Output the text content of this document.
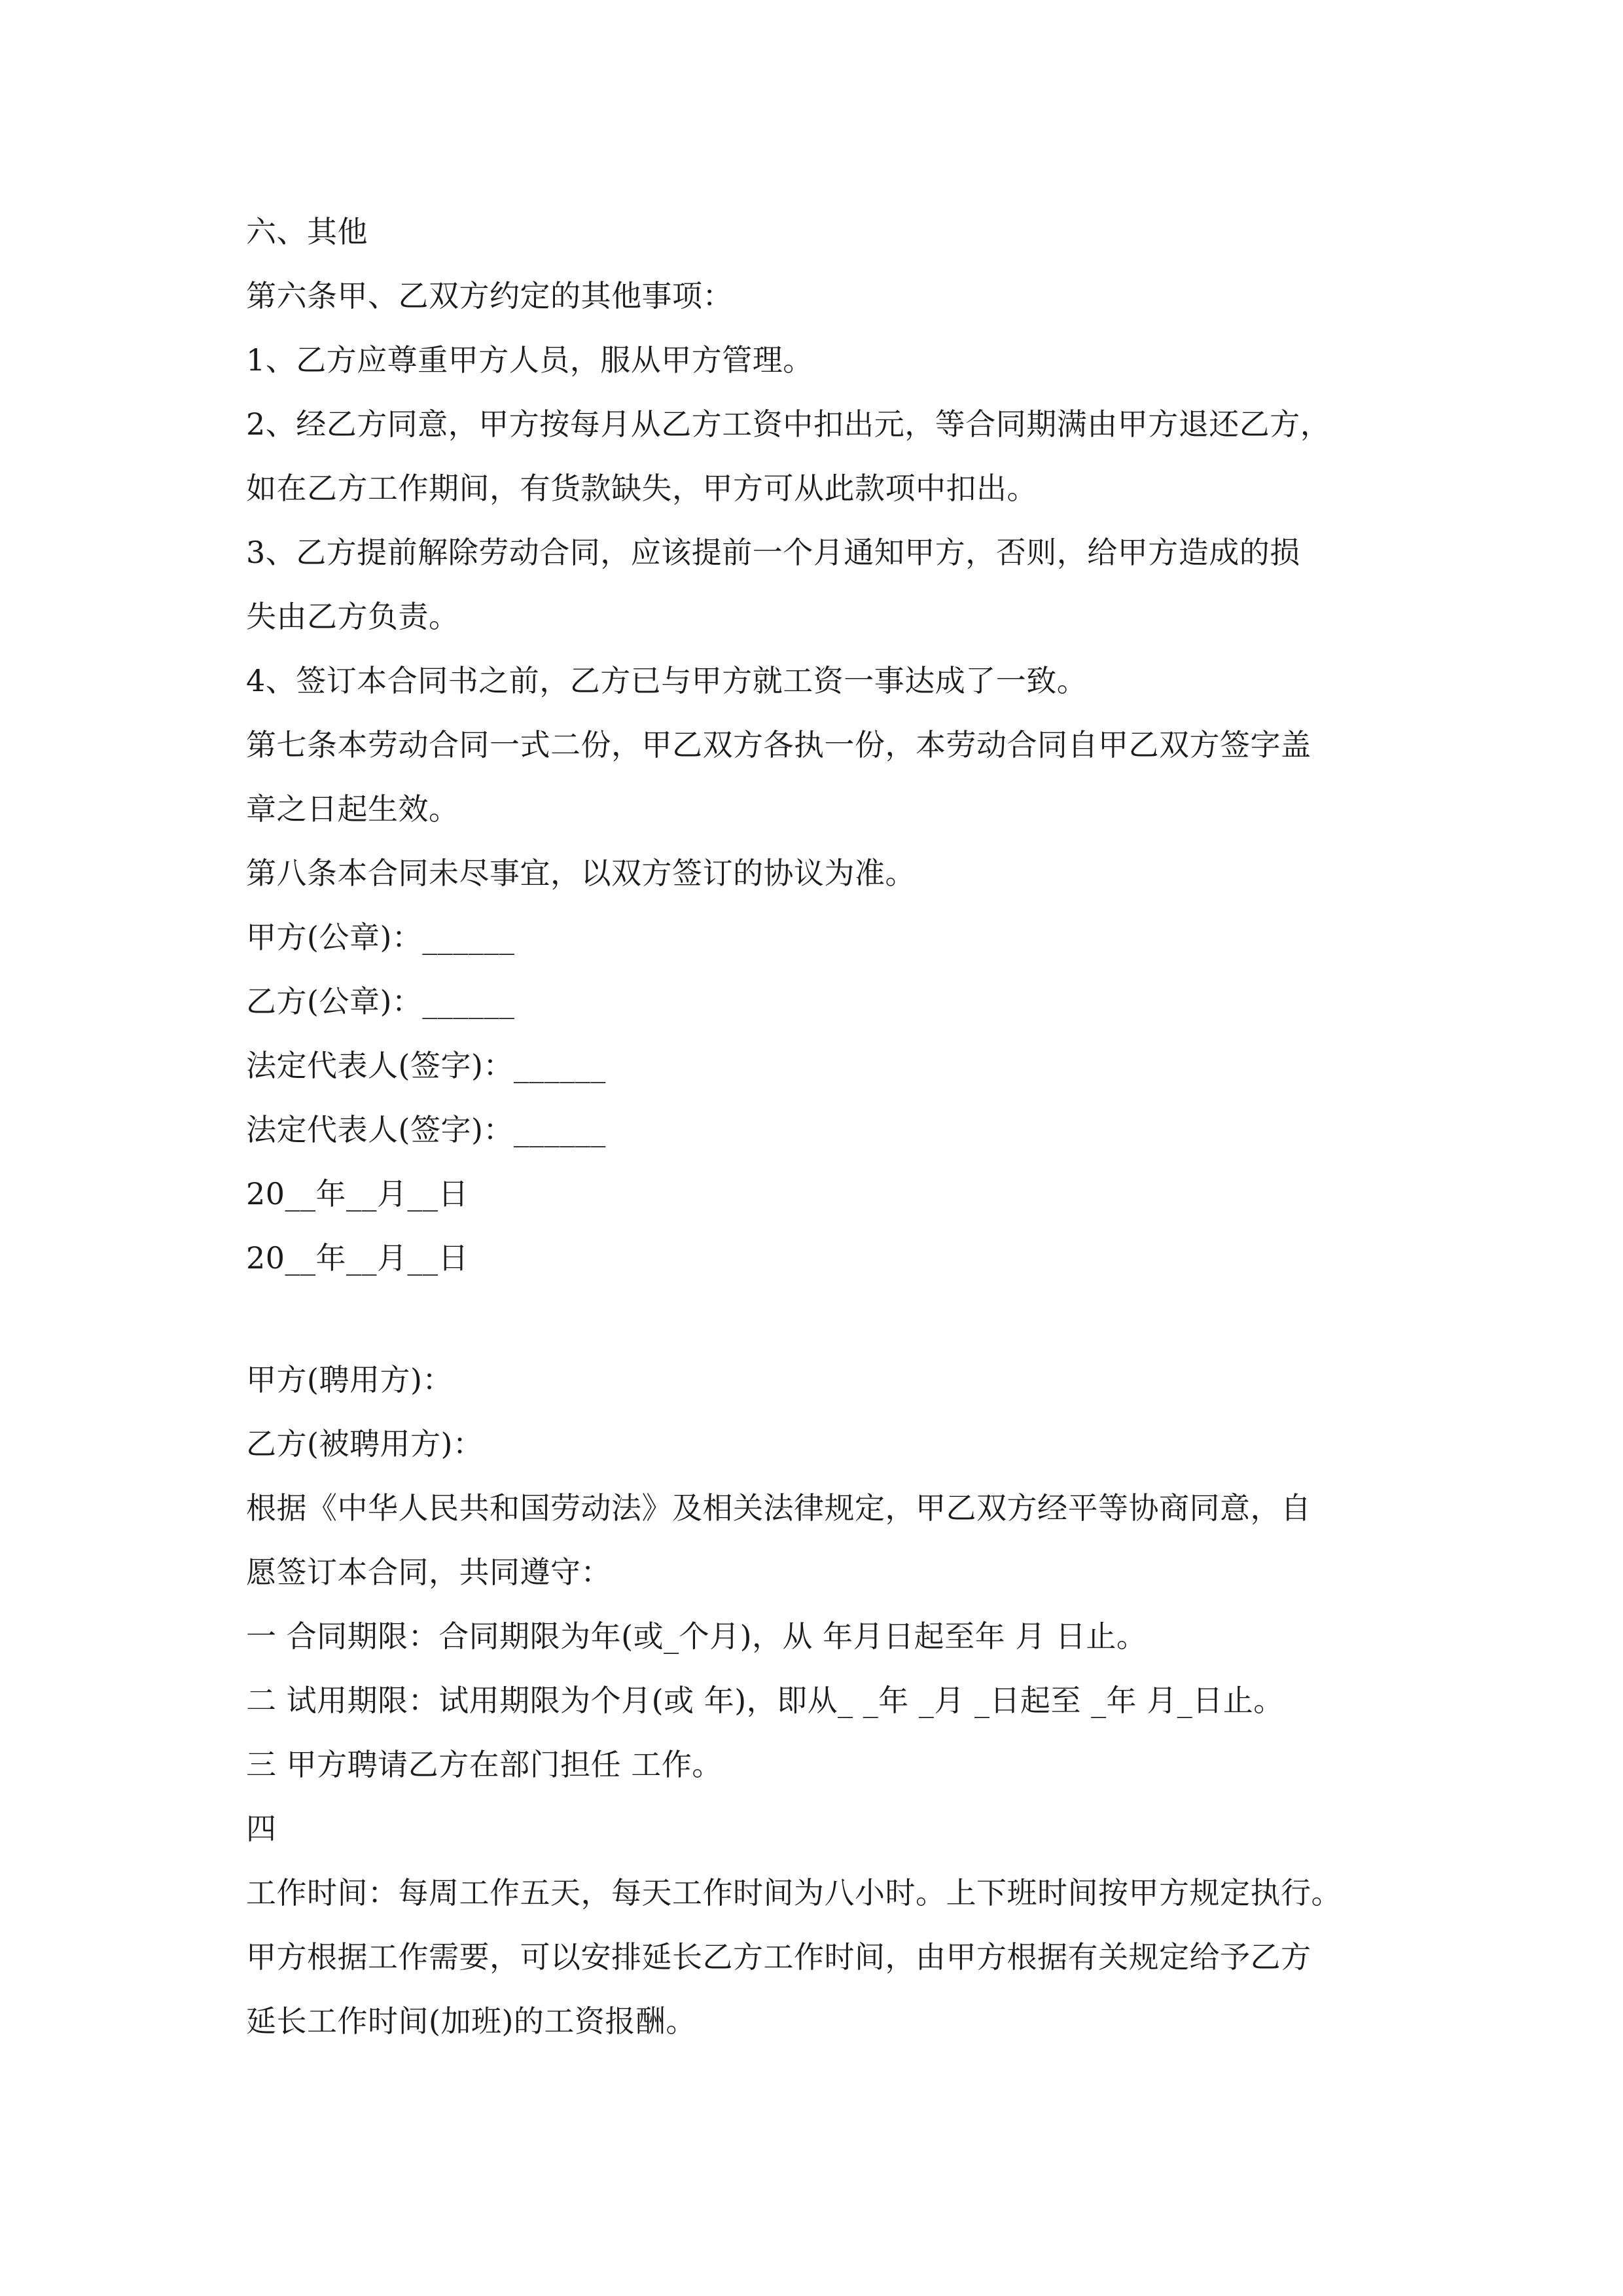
六、其他
第六条甲、乙双方约定的其他事项：
1、乙方应尊重甲方人员，服从甲方管理。
2、经乙方同意，甲方按每月从乙方工资中扣出元，等合同期满由甲方退还乙方，
如在乙方工作期间，有货款缺失，甲方可从此款项中扣出。
3、乙方提前解除劳动合同，应该提前一个月通知甲方，否则，给甲方造成的损
失由乙方负责。
4、签订本合同书之前，乙方已与甲方就工资一事达成了一致。
第七条本劳动合同一式二份，甲乙双方各执一份，本劳动合同自甲乙双方签字盖
章之日起生效。
第八条本合同未尽事宜，以双方签订的协议为准。
甲方(公章)：______
乙方(公章)：______
法定代表人(签字)：______
法定代表人(签字)：______
20__年__月__日
20__年__月__日
甲方(聘用方)：
乙方(被聘用方)：
根据《中华人民共和国劳动法》及相关法律规定，甲乙双方经平等协商同意，自
愿签订本合同，共同遵守：
一 合同期限：合同期限为年(或_个月)，从 年月日起至年 月 日止。
二 试用期限：试用期限为个月(或 年)，即从_ _年 _月 _日起至 _年 月_日止。
三 甲方聘请乙方在部门担任 工作。
四
工作时间：每周工作五天，每天工作时间为八小时。上下班时间按甲方规定执行。
甲方根据工作需要，可以安排延长乙方工作时间，由甲方根据有关规定给予乙方
延长工作时间(加班)的工资报酬。
